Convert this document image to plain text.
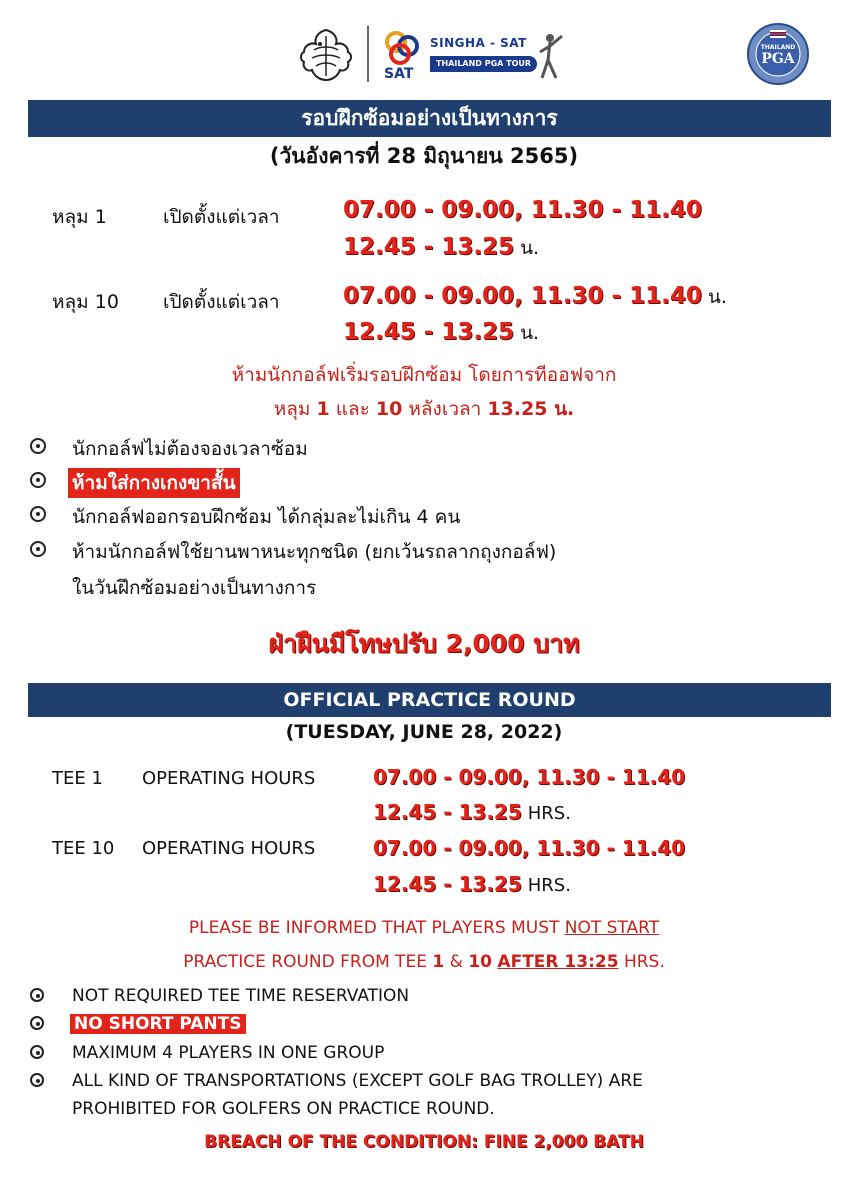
SAT
SINGHA - SAT
THAILAND PGA TOUR
THAILAND
PGA
รอบฝึกซ้อมอย่างเป็นทางการ
(วันอังคารที่ 28 มิถุนายน 2565)
หลุม 1	เปิดตั้งแต่เวลา	07.00 - 09.00, 11.30 - 11.40
12.45 - 13.25 น.
หลุม 10 เปิดตั้งแต่เวลา	07.00 - 09.00, 11.30 - 11.40 น.
12.45 - 13.25 น.
ห้ามนักกอล์ฟเริ่มรอบฝึกซ้อม โดยการทีออฟจาก
หลุม 1 และ 10 หลังเวลา 13.25 น.
นักกอล์ฟไม่ต้องจองเวลาซ้อม
ห้ามใส่กางเกงขาสั้น
นักกอล์ฟออกรอบฝึกซ้อม ได้กลุ่มละไม่เกิน 4 คน
ห้ามนักกอล์ฟใช้ยานพาหนะทุกชนิด (ยกเว้นรถลากถุงกอล์ฟ)
ในวันฝึกซ้อมอย่างเป็นทางการ
ฝ่าฝืนมีโทษปรับ 2,000 บาท
OFFICIAL PRACTICE ROUND
(TUESDAY, JUNE 28, 2022)
TEE 1 OPERATING HOURS	07.00 - 09.00, 11.30 - 11.40
12.45 - 13.25 HRS.
TEE 10 OPERATING HOURS	07.00 - 09.00, 11.30 - 11.40
12.45 - 13.25 HRS.
PLEASE BE INFORMED THAT PLAYERS MUST NOT START
PRACTICE ROUND FROM TEE 1 & 10 AFTER 13:25 HRS.
NOT REQUIRED TEE TIME RESERVATION
NO SHORT PANTS
MAXIMUM 4 PLAYERS IN ONE GROUP
ALL KIND OF TRANSPORTATIONS (EXCEPT GOLF BAG TROLLEY) ARE
PROHIBITED FOR GOLFERS ON PRACTICE ROUND.
BREACH OF THE CONDITION: FINE 2,000 BATH
